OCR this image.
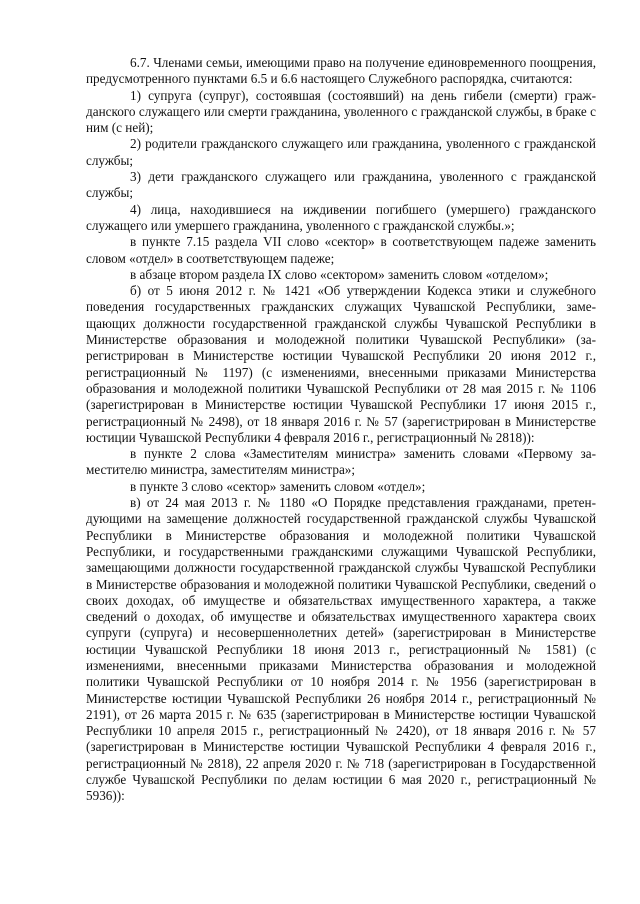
6.7. Членами семьи, имеющими право на получение единовременного поощрения, предусмотренного пунктами 6.5 и 6.6 настоящего Служебного распорядка, считаются:

1) супруга (супруг), состоявшая (состоявший) на день гибели (смерти) гражданского служащего или смерти гражданина, уволенного с гражданской службы, в браке с ним (с ней);

2) родители гражданского служащего или гражданина, уволенного с гражданской службы;

3) дети гражданского служащего или гражданина, уволенного с гражданской службы;

4) лица, находившиеся на иждивении погибшего (умершего) гражданского служащего или умершего гражданина, уволенного с гражданской службы.»;

в пункте 7.15 раздела VII слово «сектор» в соответствующем падеже заменить словом «отдел» в соответствующем падеже;

в абзаце втором раздела IX слово «сектором» заменить словом «отделом»;

б) от 5 июня 2012 г. № 1421 «Об утверждении Кодекса этики и служебного поведения государственных гражданских служащих Чувашской Республики, замещающих должности государственной гражданской службы Чувашской Республики в Министерстве образования и молодежной политики Чувашской Республики» (зарегистрирован в Министерстве юстиции Чувашской Республики 20 июня 2012 г., регистрационный № 1197) (с изменениями, внесенными приказами Министерства образования и молодежной политики Чувашской Республики от 28 мая 2015 г. № 1106 (зарегистрирован в Министерстве юстиции Чувашской Республики 17 июня 2015 г., регистрационный № 2498), от 18 января 2016 г. № 57 (зарегистрирован в Министерстве юстиции Чувашской Республики 4 февраля 2016 г., регистрационный № 2818)):

в пункте 2 слова «Заместителям министра» заменить словами «Первому заместителю министра, заместителям министра»;

в пункте 3 слово «сектор» заменить словом «отдел»;

в) от 24 мая 2013 г. № 1180 «О Порядке представления гражданами, претендующими на замещение должностей государственной гражданской службы Чувашской Республики в Министерстве образования и молодежной политики Чувашской Республики, и государственными гражданскими служащими Чувашской Республики, замещающими должности государственной гражданской службы Чувашской Республики в Министерстве образования и молодежной политики Чувашской Республики, сведений о своих доходах, об имуществе и обязательствах имущественного характера, а также сведений о доходах, об имуществе и обязательствах имущественного характера своих супруги (супруга) и несовершеннолетних детей» (зарегистрирован в Министерстве юстиции Чувашской Республики 18 июня 2013 г., регистрационный № 1581) (с изменениями, внесенными приказами Министерства образования и молодежной политики Чувашской Республики от 10 ноября 2014 г. № 1956 (зарегистрирован в Министерстве юстиции Чувашской Республики 26 ноября 2014 г., регистрационный № 2191), от 26 марта 2015 г. № 635 (зарегистрирован в Министерстве юстиции Чувашской Республики 10 апреля 2015 г., регистрационный № 2420), от 18 января 2016 г. № 57 (зарегистрирован в Министерстве юстиции Чувашской Республики 4 февраля 2016 г., регистрационный № 2818), 22 апреля 2020 г. № 718 (зарегистрирован в Государственной службе Чувашской Республики по делам юстиции 6 мая 2020 г., регистрационный № 5936)):
